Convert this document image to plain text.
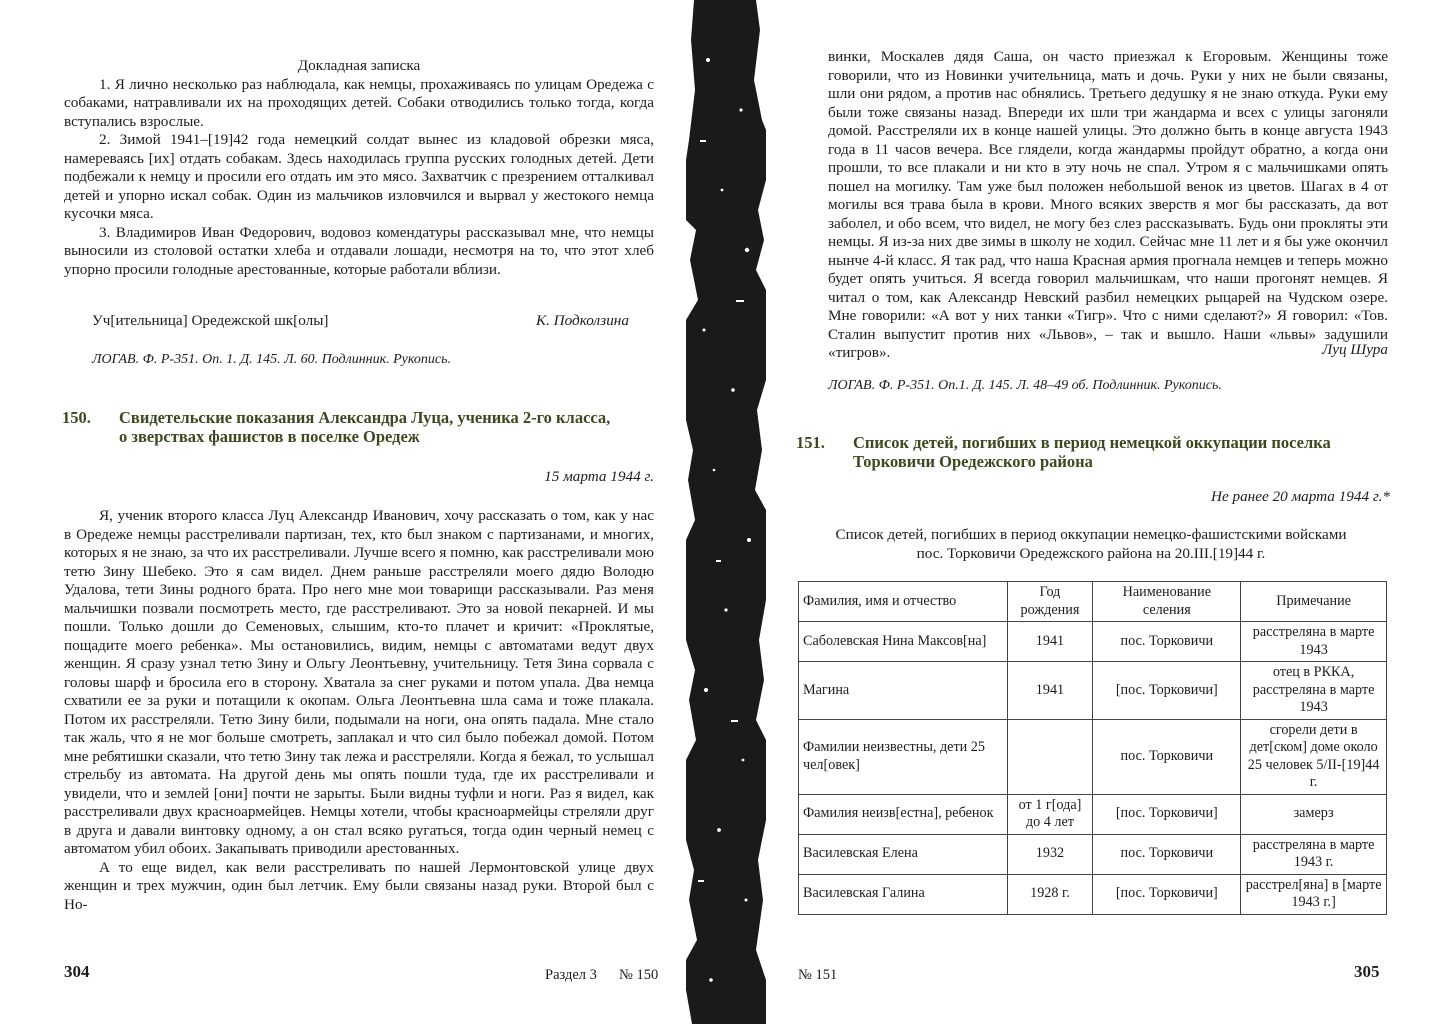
Докладная записка

1. Я лично несколько раз наблюдала, как немцы, прохаживаясь по улицам Оредежа с собаками, натравливали их на проходящих детей. Собаки отводились только тогда, когда вступались взрослые.

2. Зимой 1941–[19]42 года немецкий солдат вынес из кладовой обрезки мяса, намереваясь [их] отдать собакам. Здесь находилась группа русских голодных детей. Дети подбежали к немцу и просили его отдать им это мясо. Захватчик с презрением отталкивал детей и упорно искал собак. Один из мальчиков изловчился и вырвал у жестокого немца кусочки мяса.

3. Владимиров Иван Федорович, водовоз комендатуры рассказывал мне, что немцы выносили из столовой остатки хлеба и отдавали лошади, несмотря на то, что этот хлеб упорно просили голодные арестованные, которые работали вблизи.

Уч[ительница] Оредежской шк[олы]	К. Подколзина
ЛОГАВ. Ф. Р-351. Оп. 1. Д. 145. Л. 60. Подлинник. Рукопись.
150. Свидетельские показания Александра Луца, ученика 2-го класса,
о зверствах фашистов в поселке Оредеж
15 марта 1944 г.

Я, ученик второго класса Луц Александр Иванович, хочу рассказать о том, как у нас в Оредеже немцы расстреливали партизан, тех, кто был знаком с партизанами, и многих, которых я не знаю, за что их расстреливали. Лучше всего я помню, как расстреливали мою тетю Зину Шебеко. Это я сам видел. Днем раньше расстреляли моего дядю Володю Удалова, тети Зины родного брата. Про него мне мои товарищи рассказывали. Раз меня мальчишки позвали посмотреть место, где расстреливают. Это за новой пекарней. И мы пошли. Только дошли до Семеновых, слышим, кто-то плачет и кричит: «Проклятые, пощадите моего ребенка». Мы остановились, видим, немцы с автоматами ведут двух женщин. Я сразу узнал тетю Зину и Ольгу Леонтьевну, учительницу. Тетя Зина сорвала с головы шарф и бросила его в сторону. Хватала за снег руками и потом упала. Два немца схватили ее за руки и потащили к окопам. Ольга Леонтьевна шла сама и тоже плакала. Потом их расстреляли. Тетю Зину били, подымали на ноги, она опять падала. Мне стало так жаль, что я не мог больше смотреть, заплакал и что сил было побежал домой. Потом мне ребятишки сказали, что тетю Зину так лежа и расстреляли. Когда я бежал, то услышал стрельбу из автомата. На другой день мы опять пошли туда, где их расстреливали и увидели, что и землей [они] почти не зарыты. Были видны туфли и ноги. Раз я видел, как расстреливали двух красноармейцев. Немцы хотели, чтобы красноармейцы стреляли друг в друга и давали винтовку одному, а он стал всяко ругаться, тогда один черный немец с автоматом убил обоих. Закапывать приводили арестованных.

А то еще видел, как вели расстреливать по нашей Лермонтовской улице двух женщин и трех мужчин, один был летчик. Ему были связаны назад руки. Второй был с Но-

304	Раздел 3 № 150

винки, Москалев дядя Саша, он часто приезжал к Егоровым. Женщины тоже говорили, что из Новинки учительница, мать и дочь. Руки у них не были связаны, шли они рядом, а против нас обнялись. Третьего дедушку я не знаю откуда. Руки ему были тоже связаны назад. Впереди их шли три жандарма и всех с улицы загоняли домой. Расстреляли их в конце нашей улицы. Это должно быть в конце августа 1943 года в 11 часов вечера. Все глядели, когда жандармы пройдут обратно, а когда они прошли, то все плакали и ни кто в эту ночь не спал. Утром я с мальчишками опять пошел на могилку. Там уже был положен небольшой венок из цветов. Шагах в 4 от могилы вся трава была в крови. Много всяких зверств я мог бы рассказать, да вот заболел, и обо всем, что видел, не могу без слез рассказывать. Будь они прокляты эти немцы. Я из-за них две зимы в школу не ходил. Сейчас мне 11 лет и я бы уже окончил нынче 4-й класс. Я так рад, что наша Красная армия прогнала немцев и теперь можно будет опять учиться. Я всегда говорил мальчишкам, что наши прогонят немцев. Я читал о том, как Александр Невский разбил немецких рыцарей на Чудском озере. Мне говорили: «А вот у них танки «Тигр». Что с ними сделают?» Я говорил: «Тов. Сталин выпустит против них «Львов», – так и вышло. Наши «львы» задушили «тигров».	Луц Шура
ЛОГАВ. Ф. Р-351. Оп.1. Д. 145. Л. 48–49 об. Подлинник. Рукопись.
151. Список детей, погибших в период немецкой оккупации поселка
Торковичи Оредежского района
Не ранее 20 марта 1944 г.*
Список детей, погибших в период оккупации немецко-фашистскими войсками
пос. Торковичи Оредежского района на 20.III.[19]44 г.
Фамилия, имя и отчество	Год рождения	Наименование селения	Примечание
Саболевская Нина Максов[на]	1941	пос. Торковичи	расстреляна в марте 1943
Магина	1941	[пос. Торковичи]	отец в РККА, расстреляна в марте 1943
Фамилии неизвестны, дети 25 чел[овек]		пос. Торковичи	сгорели дети в дет[ском] доме около 25 человек 5/II-[19]44 г.
Фамилия неизв[естна], ребенок	от 1 г[ода] до 4 лет	[пос. Торковичи]	замерз
Василевская Елена	1932	пос. Торковичи	расстреляна в марте 1943 г.
Василевская Галина	1928 г.	[пос. Торковичи]	расстрел[яна] в [марте 1943 г.]
№ 151	305
